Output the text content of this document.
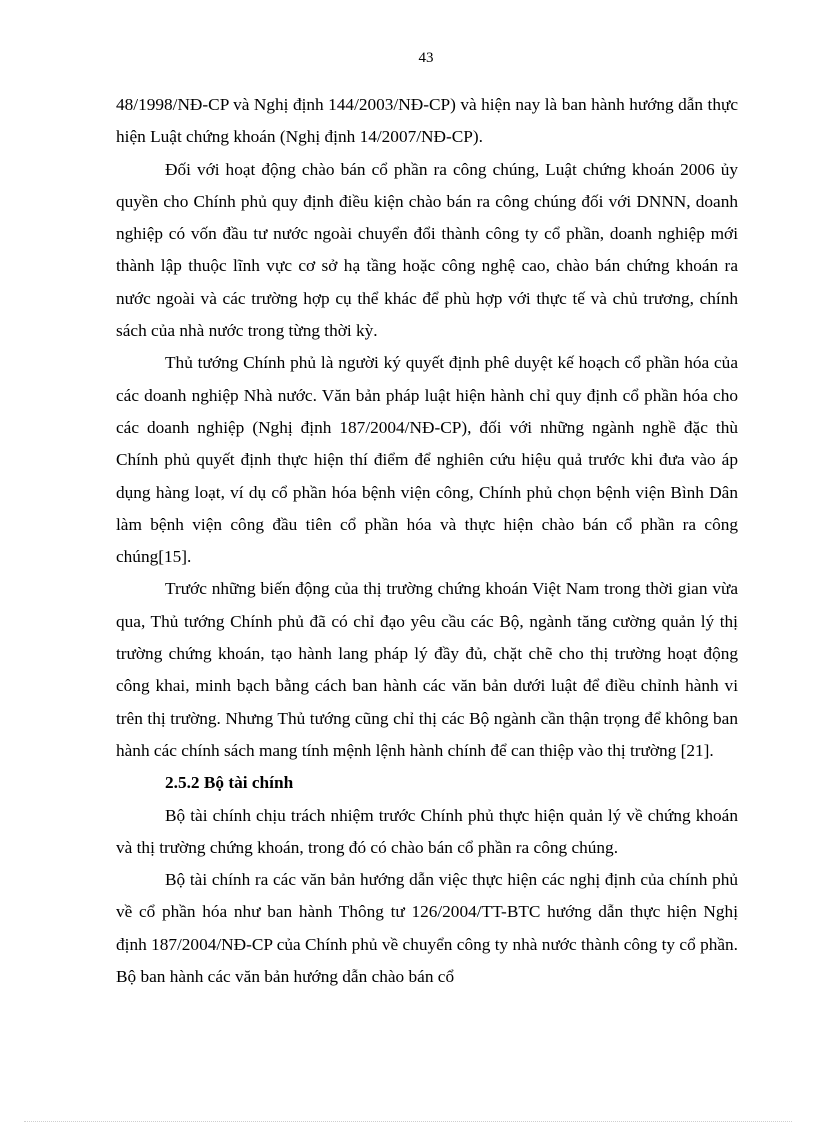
43

48/1998/NĐ-CP và Nghị định 144/2003/NĐ-CP) và hiện nay là ban hành hướng dẫn thực hiện Luật chứng khoán (Nghị định 14/2007/NĐ-CP).

Đối với hoạt động chào bán cổ phần ra công chúng, Luật chứng khoán 2006 ủy quyền cho Chính phủ quy định điều kiện chào bán ra công chúng đối với DNNN, doanh nghiệp có vốn đầu tư nước ngoài chuyển đổi thành công ty cổ phần, doanh nghiệp mới thành lập thuộc lĩnh vực cơ sở hạ tầng hoặc công nghệ cao, chào bán chứng khoán ra nước ngoài và các trường hợp cụ thể khác để phù hợp với thực tế và chủ trương, chính sách của nhà nước trong từng thời kỳ.

Thủ tướng Chính phủ là người ký quyết định phê duyệt kế hoạch cổ phần hóa của các doanh nghiệp Nhà nước. Văn bản pháp luật hiện hành chỉ quy định cổ phần hóa cho các doanh nghiệp (Nghị định 187/2004/NĐ-CP), đối với những ngành nghề đặc thù Chính phủ quyết định thực hiện thí điểm để nghiên cứu hiệu quả trước khi đưa vào áp dụng hàng loạt, ví dụ cổ phần hóa bệnh viện công, Chính phủ chọn bệnh viện Bình Dân làm bệnh viện công đầu tiên cổ phần hóa và thực hiện chào bán cổ phần ra công chúng[15].

Trước những biến động của thị trường chứng khoán Việt Nam trong thời gian vừa qua, Thủ tướng Chính phủ đã có chỉ đạo yêu cầu các Bộ, ngành tăng cường quản lý thị trường chứng khoán, tạo hành lang pháp lý đầy đủ, chặt chẽ cho thị trường hoạt động công khai, minh bạch bằng cách ban hành các văn bản dưới luật để điều chỉnh hành vi trên thị trường. Nhưng Thủ tướng cũng chỉ thị các Bộ ngành cần thận trọng để không ban hành các chính sách mang tính mệnh lệnh hành chính để can thiệp vào thị trường [21].

2.5.2 Bộ tài chính

Bộ tài chính chịu trách nhiệm trước Chính phủ thực hiện quản lý về chứng khoán và thị trường chứng khoán, trong đó có chào bán cổ phần ra công chúng.

Bộ tài chính ra các văn bản hướng dẫn việc thực hiện các nghị định của chính phủ về cổ phần hóa như ban hành Thông tư 126/2004/TT-BTC hướng dẫn thực hiện Nghị định 187/2004/NĐ-CP của Chính phủ về chuyển công ty nhà nước thành công ty cổ phần. Bộ ban hành các văn bản hướng dẫn chào bán cổ
